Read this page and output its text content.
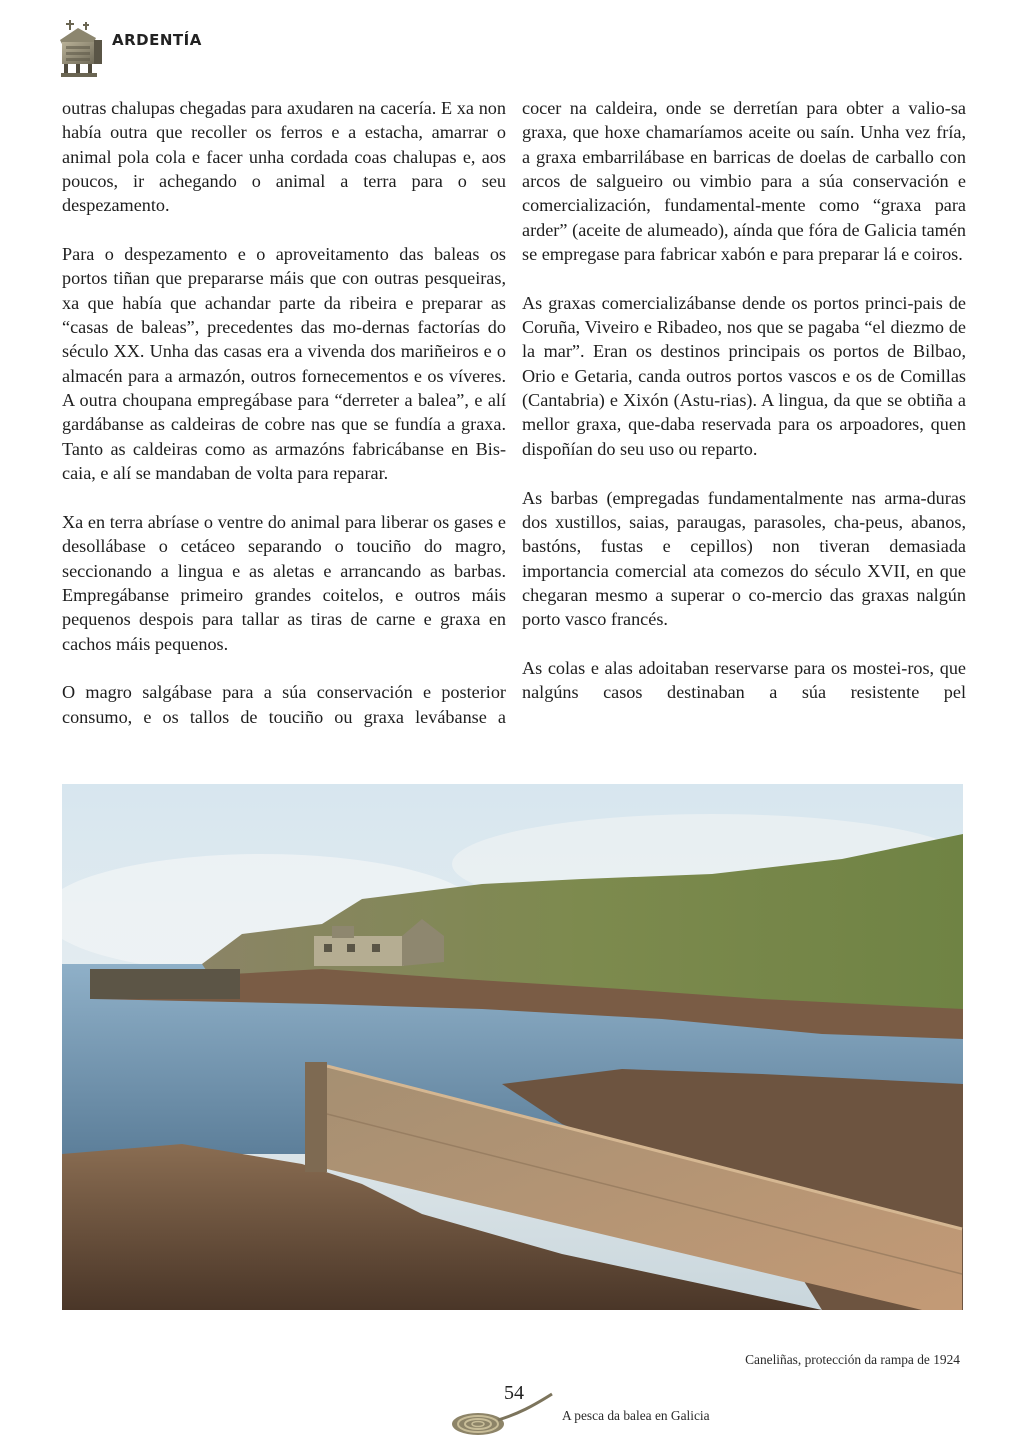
ARDENTÍA

outras chalupas chegadas para axudaren na cacería. E xa non había outra que recoller os ferros e a estacha, amarrar o animal pola cola e facer unha cordada coas chalupas e, aos poucos, ir achegando o animal a terra para o seu despezamento.

Para o despezamento e o aproveitamento das baleas os portos tiñan que prepararse máis que con outras pesqueiras, xa que había que achandar parte da ribeira e preparar as “casas de baleas”, precedentes das mo-dernas factorías do século XX. Unha das casas era a vivenda dos mariñeiros e o almacén para a armazón, outros fornecementos e os víveres. A outra choupana empregábase para “derreter a balea”, e alí gardábanse as caldeiras de cobre nas que se fundía a graxa. Tanto as caldeiras como as armazóns fabricábanse en Bis-caia, e alí se mandaban de volta para reparar.

Xa en terra abríase o ventre do animal para liberar os gases e desollábase o cetáceo separando o touciño do magro, seccionando a lingua e as aletas e arrancando as barbas. Empregábanse primeiro grandes coitelos, e outros máis pequenos despois para tallar as tiras de carne e graxa en cachos máis pequenos.

O magro salgábase para a súa conservación e posterior consumo, e os tallos de touciño ou graxa levábanse a

cocer na caldeira, onde se derretían para obter a valio-sa graxa, que hoxe chamaríamos aceite ou saín. Unha vez fría, a graxa embarrilábase en barricas de doelas de carballo con arcos de salgueiro ou vimbio para a súa conservación e comercialización, fundamental-mente como “graxa para arder” (aceite de alumeado), aínda que fóra de Galicia tamén se empregase para fabricar xabón e para preparar lá e coiros.

As graxas comercializábanse dende os portos princi-pais de Coruña, Viveiro e Ribadeo, nos que se pagaba “el diezmo de la mar”. Eran os destinos principais os portos de Bilbao, Orio e Getaria, canda outros portos vascos e os de Comillas (Cantabria) e Xixón (Astu-rias). A lingua, da que se obtiña a mellor graxa, que-daba reservada para os arpoadores, quen dispoñían do seu uso ou reparto.

As barbas (empregadas fundamentalmente nas arma-duras dos xustillos, saias, paraugas, parasoles, cha-peus, abanos, bastóns, fustas e cepillos) non tiveran demasiada importancia comercial ata comezos do século XVII, en que chegaran mesmo a superar o co-mercio das graxas nalgún porto vasco francés.

As colas e alas adoitaban reservarse para os mostei-ros, que nalgúns casos destinaban a súa resistente pel

Caneliñas, protección da rampa de 1924
54
A pesca da balea en Galicia
